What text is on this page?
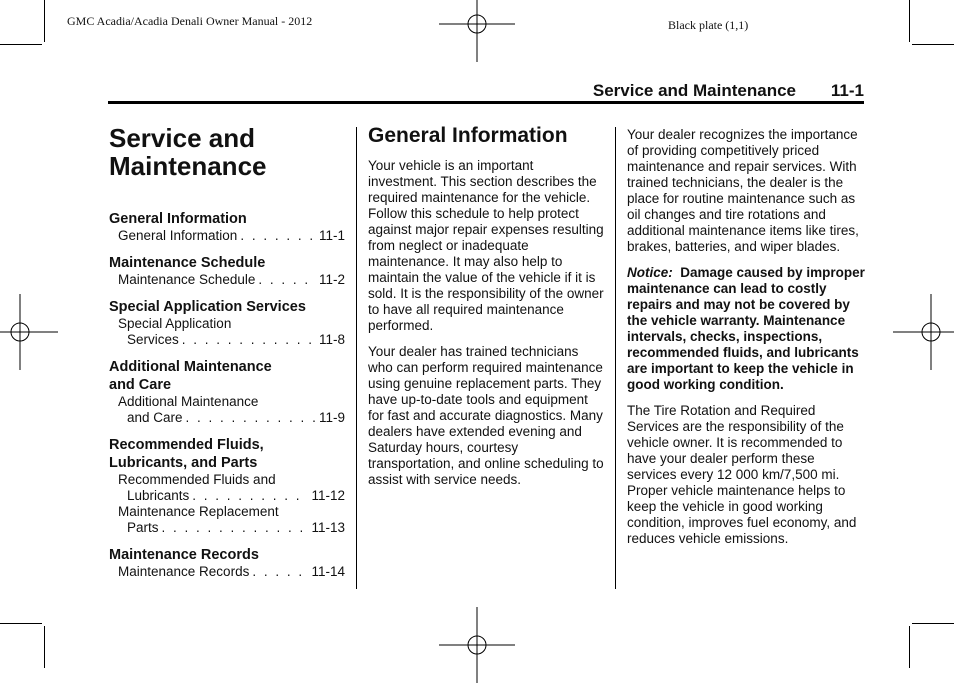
GMC Acadia/Acadia Denali Owner Manual - 2012	Black plate (1,1)
Service and Maintenance 11-1
Service and
Maintenance
General Information
General Information . . .	11-1
Maintenance Schedule
Maintenance Schedule . . .	11-2
Special Application Services
Special Application
Services . . .	11-8
Additional Maintenance
and Care
Additional Maintenance
and Care . . .	11-9
Recommended Fluids,
Lubricants, and Parts
Recommended Fluids and
Lubricants . . .	11-12
Maintenance Replacement
Parts . . .	11-13
Maintenance Records
Maintenance Records . . .	11-14
General Information

Your vehicle is an important investment. This section describes the required maintenance for the vehicle. Follow this schedule to help protect against major repair expenses resulting from neglect or inadequate maintenance. It may also help to maintain the value of the vehicle if it is sold. It is the responsibility of the owner to have all required maintenance performed.

Your dealer has trained technicians who can perform required maintenance using genuine replacement parts. They have up-to-date tools and equipment for fast and accurate diagnostics. Many dealers have extended evening and Saturday hours, courtesy transportation, and online scheduling to assist with service needs.

Your dealer recognizes the importance of providing competitively priced maintenance and repair services. With trained technicians, the dealer is the place for routine maintenance such as oil changes and tire rotations and additional maintenance items like tires, brakes, batteries, and wiper blades.

Notice: Damage caused by improper maintenance can lead to costly repairs and may not be covered by the vehicle warranty. Maintenance intervals, checks, inspections, recommended fluids, and lubricants are important to keep the vehicle in good working condition.

The Tire Rotation and Required Services are the responsibility of the vehicle owner. It is recommended to have your dealer perform these services every 12 000 km/7,500 mi. Proper vehicle maintenance helps to keep the vehicle in good working condition, improves fuel economy, and reduces vehicle emissions.
